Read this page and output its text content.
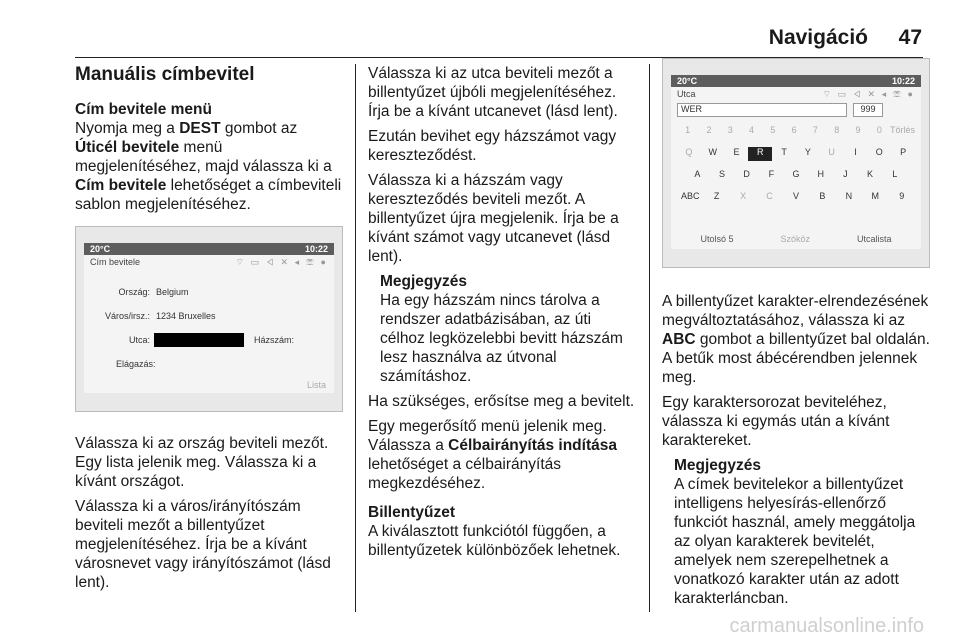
Navigáció 47
Manuális címbevitel

Cím bevitele menü

Nyomja meg a DEST gombot az Úticél bevitele menü megjelenítéséhez, majd válassza ki a Cím bevitele lehetőséget a címbeviteli sablon megjelenítéséhez.

20°C	10:22
Cím bevitele	⌔ ▭ ◃ ✕ ◂ ☏ ●
Ország: Belgium
Város/irsz.: 1234 Bruxelles
Utca:	Házszám:
Elágazás:
Lista

Válassza ki az ország beviteli mezőt. Egy lista jelenik meg. Válassza ki a kívánt országot.

Válassza ki a város/irányítószám beviteli mezőt a billentyűzet megjelenítéséhez. Írja be a kívánt városnevet vagy irányítószámot (lásd lent).

Válassza ki az utca beviteli mezőt a billentyűzet újbóli megjelenítéséhez. Írja be a kívánt utcanevet (lásd lent).

Ezután bevihet egy házszámot vagy kereszteződést.

Válassza ki a házszám vagy kereszteződés beviteli mezőt. A billentyűzet újra megjelenik. Írja be a kívánt számot vagy utcanevet (lásd lent).

Megjegyzés
Ha egy házszám nincs tárolva a rendszer adatbázisában, az úti célhoz legközelebbi bevitt házszám lesz használva az útvonal számításhoz.

Ha szükséges, erősítse meg a bevitelt.

Egy megerősítő menü jelenik meg. Válassza a Célbairányítás indítása lehetőséget a célbairányítás megkezdéséhez.

Billentyűzet

A kiválasztott funkciótól függően, a billentyűzetek különbözőek lehetnek.

20°C	10:22
Utca	⌔ ▭ ◃ ✕ ◂ ☏ ●
WER	999
1	2	3	4	5	6	7	8	9	0 Törlés
Q	W	E	R	T	Y	U	I	O	P
A	S	D	F	G	H	J	K	L
ABC	Z	X	C	V	B	N	M	9
Utolsó 5	Szóköz	Utcalista

A billentyűzet karakter-elrendezésének megváltoztatásához, válassza ki az ABC gombot a billentyűzet bal oldalán. A betűk most ábécérendben jelennek meg.

Egy karaktersorozat beviteléhez, válassza ki egymás után a kívánt karaktereket.

Megjegyzés
A címek bevitelekor a billentyűzet intelligens helyesírás-ellenőrző funkciót használ, amely meggátolja az olyan karakterek bevitelét, amelyek nem szerepelhetnek a vonatkozó karakter után az adott karakterláncban.
carmanualsonline.info
